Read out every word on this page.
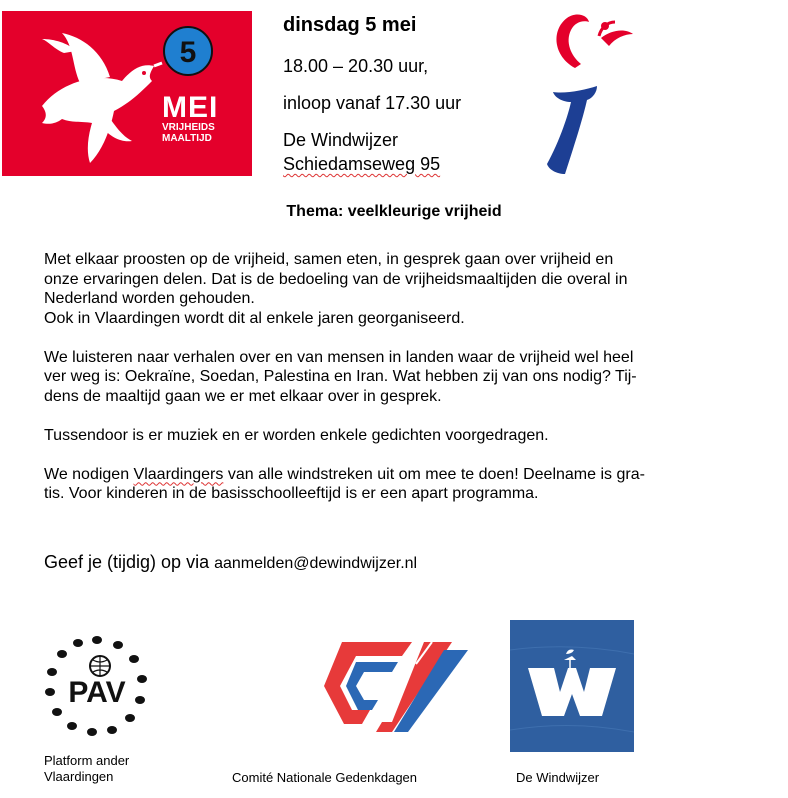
5
MEI
VRIJHEIDS
MAALTIJD
dinsdag 5 mei
18.00 – 20.30 uur,
inloop vanaf 17.30 uur
De Windwijzer
Schiedamseweg 95
Thema: veelkleurige vrijheid
Met elkaar proosten op de vrijheid, samen eten, in gesprek gaan over vrijheid en
onze ervaringen delen. Dat is de bedoeling van de vrijheidsmaaltijden die overal in
Nederland worden gehouden.
Ook in Vlaardingen wordt dit al enkele jaren georganiseerd.
We luisteren naar verhalen over en van mensen in landen waar de vrijheid wel heel
ver weg is: Oekraïne, Soedan, Palestina en Iran. Wat hebben zij van ons nodig? Tij-
dens de maaltijd gaan we er met elkaar over in gesprek.
Tussendoor is er muziek en er worden enkele gedichten voorgedragen.
We nodigen Vlaardingers van alle windstreken uit om mee te doen! Deelname is gra-
tis. Voor kinderen in de basisschoolleeftijd is er een apart programma.
Geef je (tijdig) op via aanmelden@dewindwijzer.nl
PAV
Platform ander
Vlaardingen	Comité Nationale Gedenkdagen	De Windwijzer
